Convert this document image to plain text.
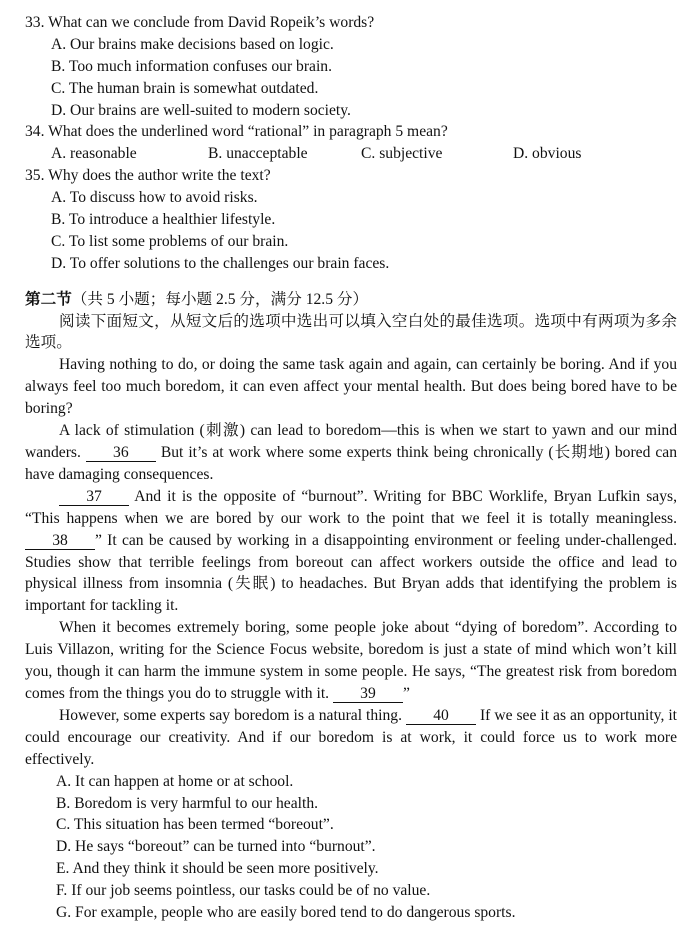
33. What can we conclude from David Ropeik’s words?
A. Our brains make decisions based on logic.
B. Too much information confuses our brain.
C. The human brain is somewhat outdated.
D. Our brains are well-suited to modern society.
34. What does the underlined word “rational” in paragraph 5 mean?
A. reasonable	B. unacceptable	C. subjective	D. obvious
35. Why does the author write the text?
A. To discuss how to avoid risks.
B. To introduce a healthier lifestyle.
C. To list some problems of our brain.
D. To offer solutions to the challenges our brain faces.
第二节（共 5 小题；每小题 2.5 分，满分 12.5 分）

阅读下面短文，从短文后的选项中选出可以填入空白处的最佳选项。选项中有两项为多余选项。

Having nothing to do, or doing the same task again and again, can certainly be boring. And if you always feel too much boredom, it can even affect your mental health. But does being bored have to be boring?

A lack of stimulation (刺激) can lead to boredom—this is when we start to yawn and our mind wanders. 36 But it’s at work where some experts think being chronically (长期地) bored can have damaging consequences.

37 And it is the opposite of “burnout”. Writing for BBC Worklife, Bryan Lufkin says, “This happens when we are bored by our work to the point that we feel it is totally meaningless. 38 ” It can be caused by working in a disappointing environment or feeling under-challenged. Studies show that terrible feelings from boreout can affect workers outside the office and lead to physical illness from insomnia (失眠) to headaches. But Bryan adds that identifying the problem is important for tackling it.

When it becomes extremely boring, some people joke about “dying of boredom”. According to Luis Villazon, writing for the Science Focus website, boredom is just a state of mind which won’t kill you, though it can harm the immune system in some people. He says, “The greatest risk from boredom comes from the things you do to struggle with it. 39 ”

However, some experts say boredom is a natural thing. 40 If we see it as an opportunity, it could encourage our creativity. And if our boredom is at work, it could force us to work more effectively.

A. It can happen at home or at school.
B. Boredom is very harmful to our health.
C. This situation has been termed “boreout”.
D. He says “boreout” can be turned into “burnout”.
E. And they think it should be seen more positively.
F. If our job seems pointless, our tasks could be of no value.
G. For example, people who are easily bored tend to do dangerous sports.
